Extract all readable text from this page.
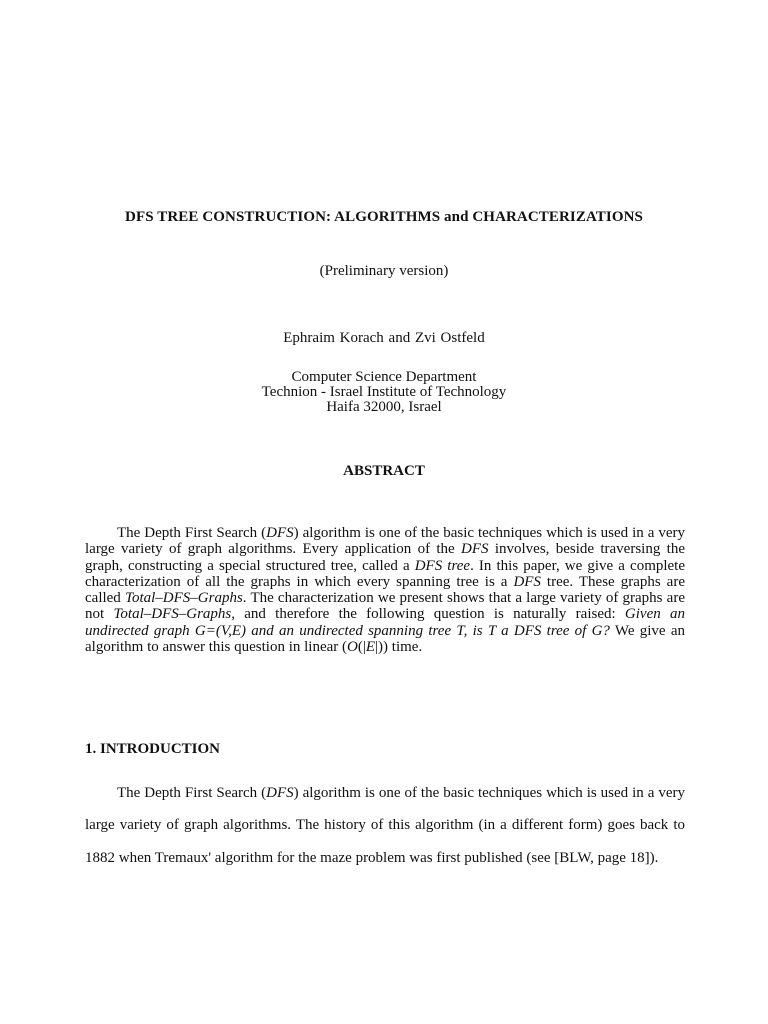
DFS TREE CONSTRUCTION: ALGORITHMS and CHARACTERIZATIONS
(Preliminary version)
Ephraim Korach and Zvi Ostfeld
Computer Science Department
Technion - Israel Institute of Technology
Haifa 32000, Israel
ABSTRACT
The Depth First Search (DFS) algorithm is one of the basic techniques which is used in a very large variety of graph algorithms. Every application of the DFS involves, beside traversing the graph, constructing a special structured tree, called a DFS tree. In this paper, we give a complete characterization of all the graphs in which every spanning tree is a DFS tree. These graphs are called Total–DFS–Graphs. The characterization we present shows that a large variety of graphs are not Total–DFS–Graphs, and therefore the following question is naturally raised: Given an undirected graph G=(V,E) and an undirected spanning tree T, is T a DFS tree of G? We give an algorithm to answer this question in linear (O(|E|)) time.
1. INTRODUCTION
The Depth First Search (DFS) algorithm is one of the basic techniques which is used in a very large variety of graph algorithms. The history of this algorithm (in a different form) goes back to 1882 when Tremaux' algorithm for the maze problem was first published (see [BLW, page 18]).
